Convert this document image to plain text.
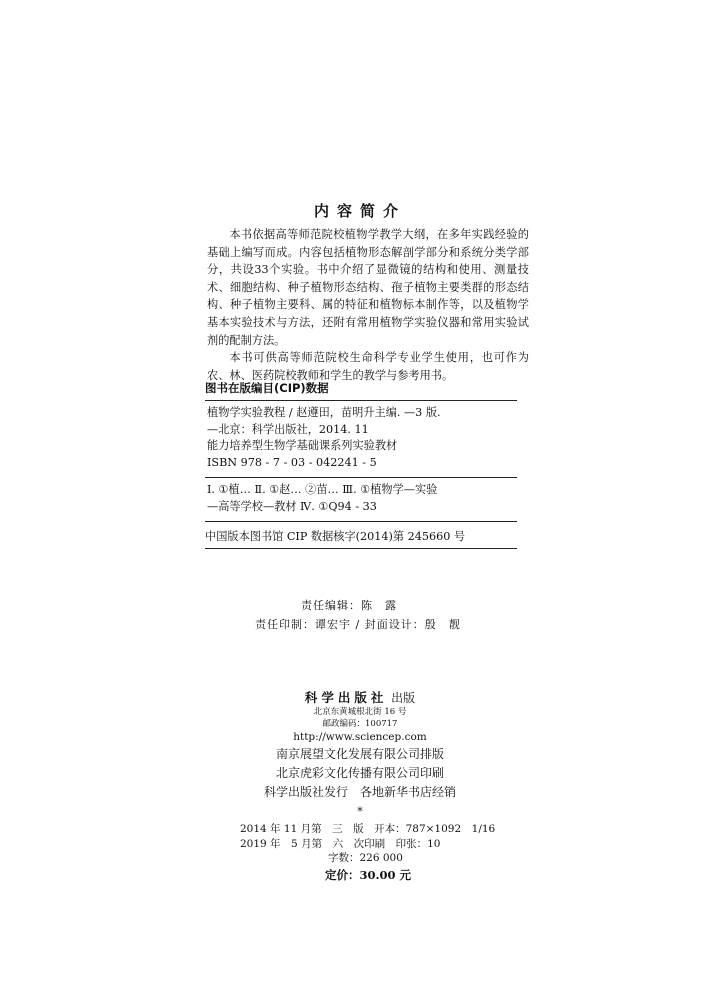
内容简介

本书依据高等师范院校植物学教学大纲，在多年实践经验的基础上编写而成。内容包括植物形态解剖学部分和系统分类学部分，共设33个实验。书中介绍了显微镜的结构和使用、测量技术、细胞结构、种子植物形态结构、孢子植物主要类群的形态结构、种子植物主要科、属的特征和植物标本制作等，以及植物学基本实验技术与方法，还附有常用植物学实验仪器和常用实验试剂的配制方法。

本书可供高等师范院校生命科学专业学生使用，也可作为农、林、医药院校教师和学生的教学与参考用书。

图书在版编目(CIP)数据
植物学实验教程 / 赵遵田，苗明升主编. —3 版.
—北京：科学出版社，2014. 11
能力培养型生物学基础课系列实验教材
ISBN 978 - 7 - 03 - 042241 - 5
Ⅰ. ①植… Ⅱ. ①赵… ②苗… Ⅲ. ①植物学—实验
—高等学校—教材 Ⅳ. ①Q94 - 33
中国版本图书馆 CIP 数据核字(2014)第 245660 号
责任编辑：陈　露
责任印制：谭宏宇 / 封面设计：殷　靓
科学出版社 出版
北京东黄城根北街 16 号
邮政编码：100717
http://www.sciencep.com
南京展望文化发展有限公司排版
北京虎彩文化传播有限公司印刷
科学出版社发行　各地新华书店经销
*
2014 年 11 月第　三　版　开本：787×1092　1/16
2019 年　5 月第　六　次印刷　印张：10
字数：226 000
定价：30.00 元
